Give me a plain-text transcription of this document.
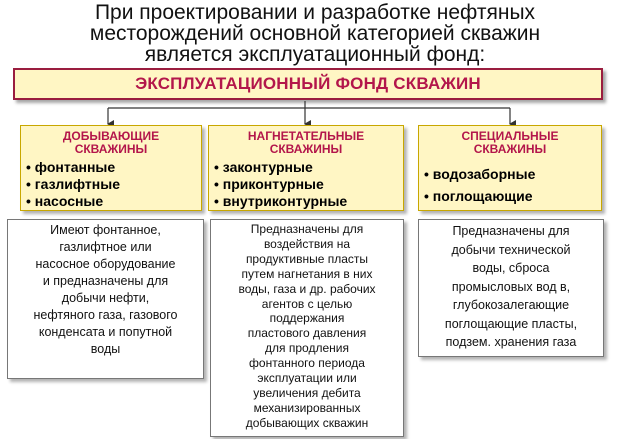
При проектировании и разработке нефтяных
месторождений основной категорией скважин
является эксплуатационный фонд:
ЭКСПЛУАТАЦИОННЫЙ ФОНД СКВАЖИН
ДОБЫВАЮЩИЕ
СКВАЖИНЫ
• фонтанные
• газлифтные
• насосные
НАГНЕТАТЕЛЬНЫЕ
СКВАЖИНЫ
• законтурные
• приконтурные
• внутриконтурные
СПЕЦИАЛЬНЫЕ
СКВАЖИНЫ
• водозаборные
• поглощающие
Имеют фонтанное,
газлифтное или
насосное оборудование
и предназначены для
добычи нефти,
нефтяного газа, газового
конденсата и попутной
воды
Предназначены для
воздействия на
продуктивные пласты
путем нагнетания в них
воды, газа и др. рабочих
агентов с целью
поддержания
пластового давления
для продления
фонтанного периода
эксплуатации или
увеличения дебита
механизированных
добывающих скважин
Предназначены для
добычи технической
воды, сброса
промысловых вод в,
глубокозалегающие
поглощающие пласты,
подзем. хранения газа
